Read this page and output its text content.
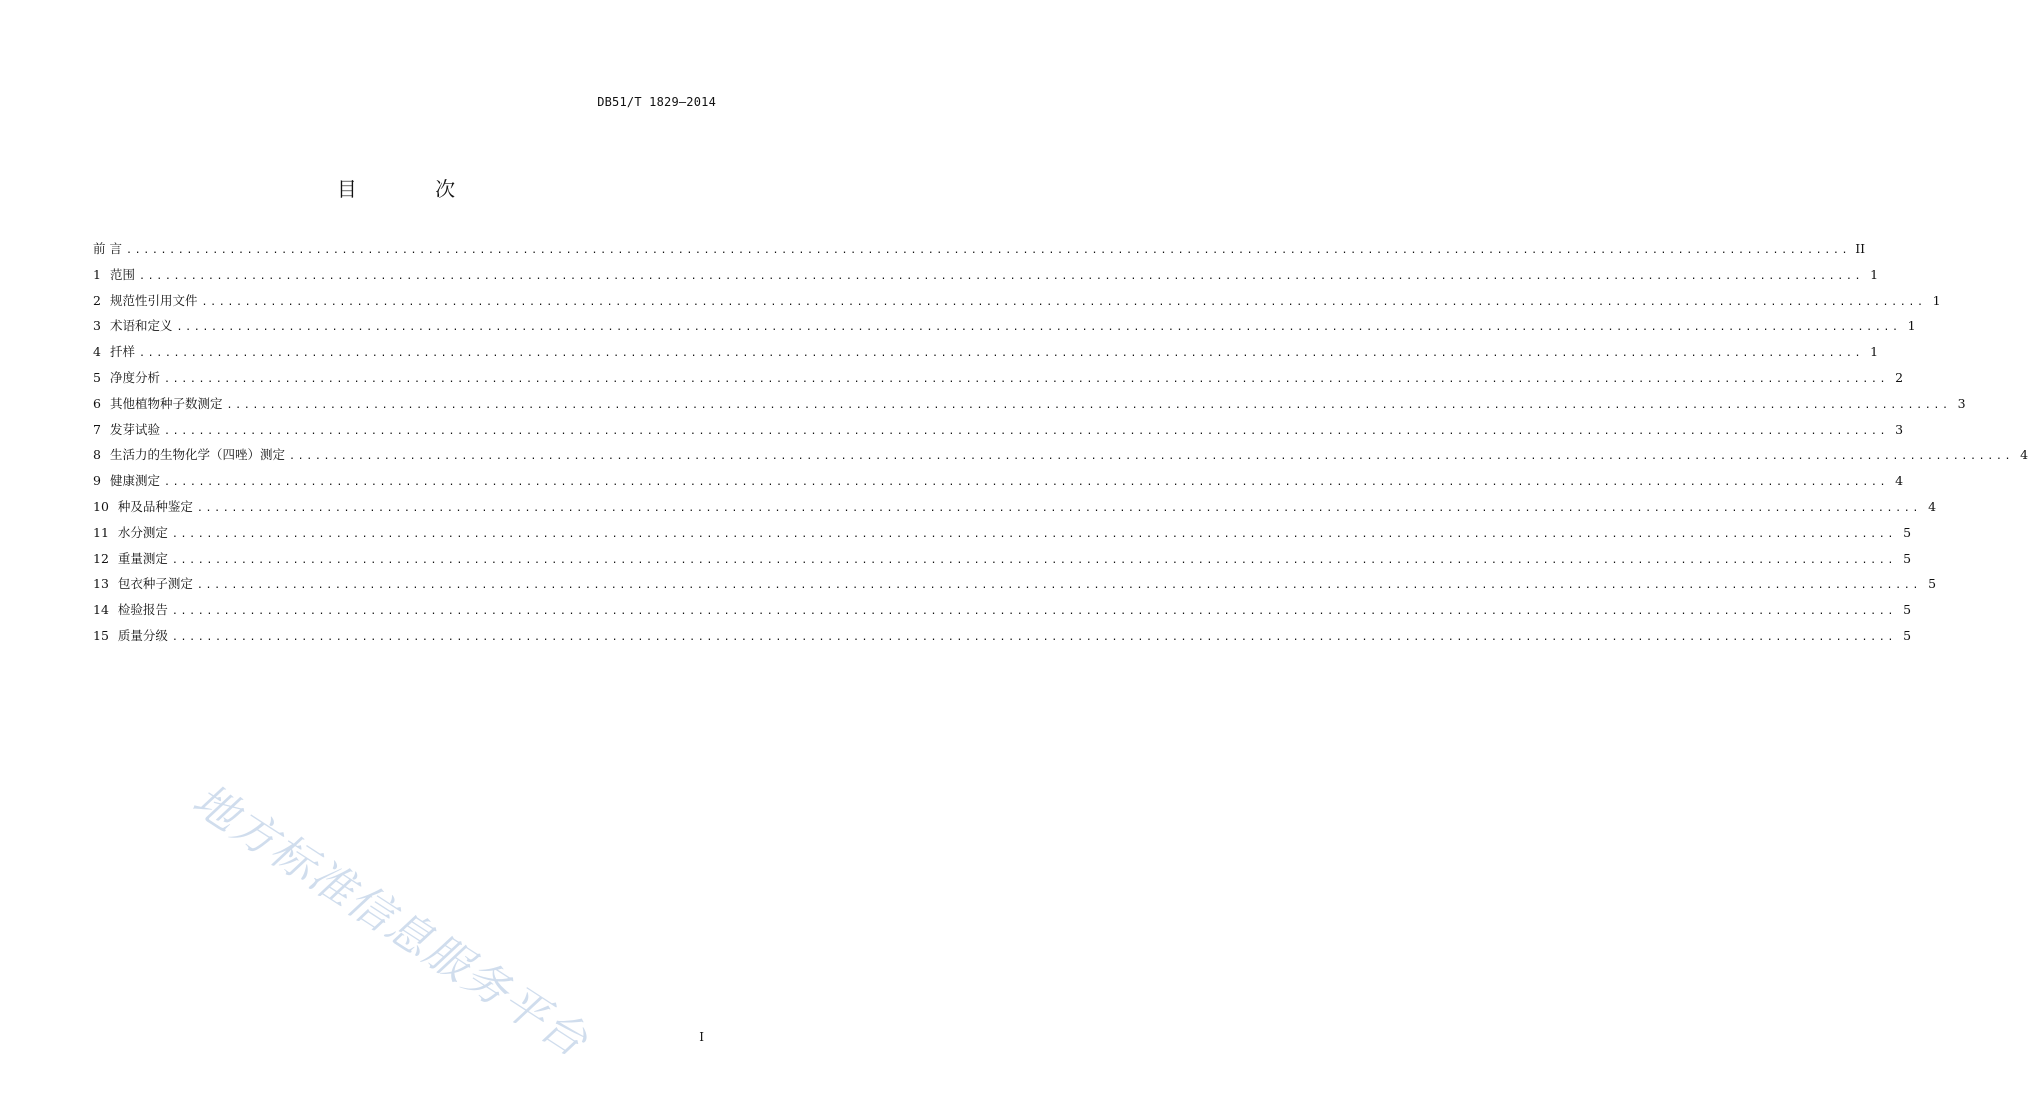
DB51/T 1829—2014
目 次
前 言 ........................................................................................................................................................................................................ II
1 范围 ........................................................................................................................................................................................................ 1
2 规范性引用文件 ........................................................................................................................................................................................................ 1
3 术语和定义 ........................................................................................................................................................................................................ 1
4 扦样 ........................................................................................................................................................................................................ 1
5 净度分析 ........................................................................................................................................................................................................ 2
6 其他植物种子数测定 ........................................................................................................................................................................................................ 3
7 发芽试验 ........................................................................................................................................................................................................ 3
8 生活力的生物化学（四唑）测定 ........................................................................................................................................................................................................ 4
9 健康测定 ........................................................................................................................................................................................................ 4
10 种及品种鉴定 ........................................................................................................................................................................................................ 4
11 水分测定 ........................................................................................................................................................................................................ 5
12 重量测定 ........................................................................................................................................................................................................ 5
13 包衣种子测定 ........................................................................................................................................................................................................ 5
14 检验报告 ........................................................................................................................................................................................................ 5
15 质量分级 ........................................................................................................................................................................................................ 5
地方标准信息服务平台	I
